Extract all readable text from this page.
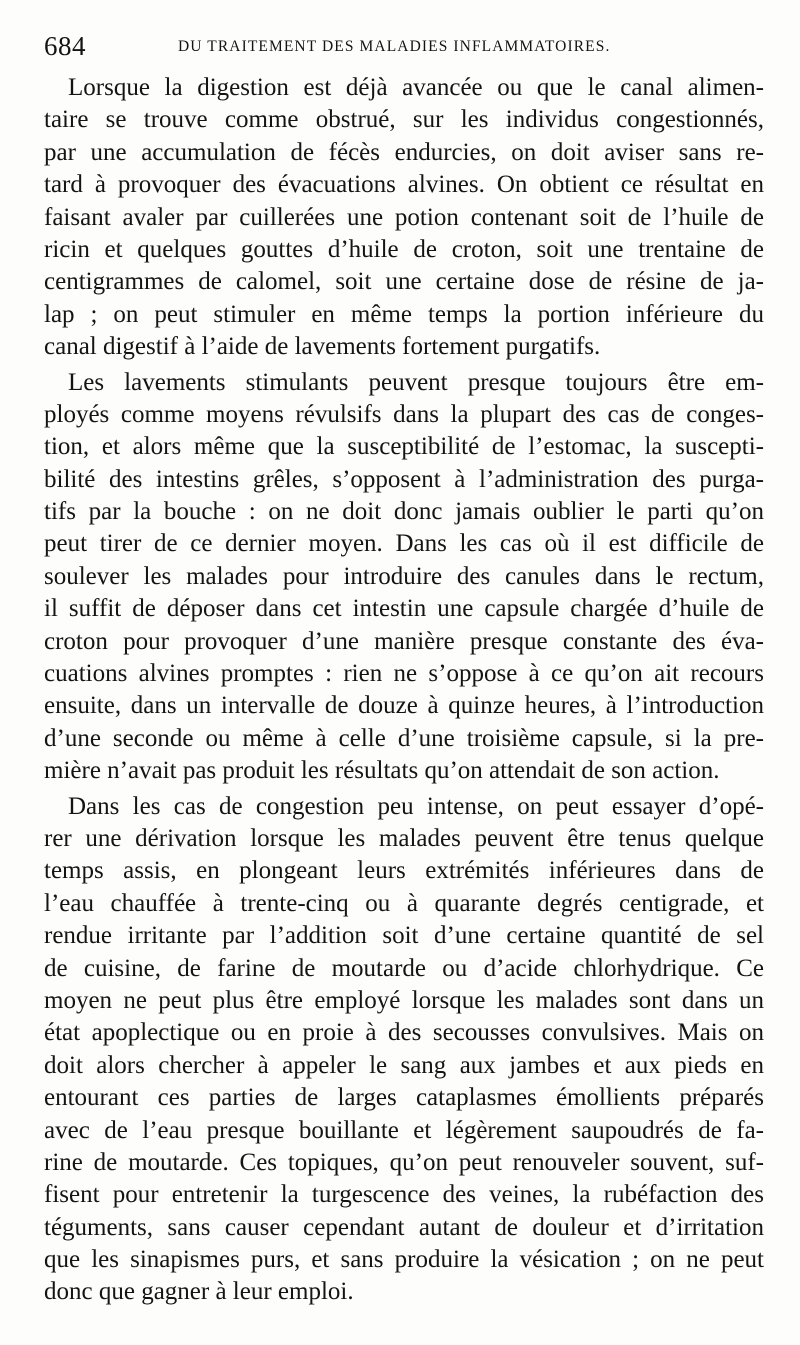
684	DU TRAITEMENT DES MALADIES INFLAMMATOIRES.
Lorsque la digestion est déjà avancée ou que le canal alimen-
taire se trouve comme obstrué, sur les individus congestionnés,
par une accumulation de fécès endurcies, on doit aviser sans re-
tard à provoquer des évacuations alvines. On obtient ce résultat en
faisant avaler par cuillerées une potion contenant soit de l’huile de
ricin et quelques gouttes d’huile de croton, soit une trentaine de
centigrammes de calomel, soit une certaine dose de résine de ja-
lap ; on peut stimuler en même temps la portion inférieure du
canal digestif à l’aide de lavements fortement purgatifs.
Les lavements stimulants peuvent presque toujours être em-
ployés comme moyens révulsifs dans la plupart des cas de conges-
tion, et alors même que la susceptibilité de l’estomac, la suscepti-
bilité des intestins grêles, s’opposent à l’administration des purga-
tifs par la bouche : on ne doit donc jamais oublier le parti qu’on
peut tirer de ce dernier moyen. Dans les cas où il est difficile de
soulever les malades pour introduire des canules dans le rectum,
il suffit de déposer dans cet intestin une capsule chargée d’huile de
croton pour provoquer d’une manière presque constante des éva-
cuations alvines promptes : rien ne s’oppose à ce qu’on ait recours
ensuite, dans un intervalle de douze à quinze heures, à l’introduction
d’une seconde ou même à celle d’une troisième capsule, si la pre-
mière n’avait pas produit les résultats qu’on attendait de son action.
Dans les cas de congestion peu intense, on peut essayer d’opé-
rer une dérivation lorsque les malades peuvent être tenus quelque
temps assis, en plongeant leurs extrémités inférieures dans de
l’eau chauffée à trente-cinq ou à quarante degrés centigrade, et
rendue irritante par l’addition soit d’une certaine quantité de sel
de cuisine, de farine de moutarde ou d’acide chlorhydrique. Ce
moyen ne peut plus être employé lorsque les malades sont dans un
état apoplectique ou en proie à des secousses convulsives. Mais on
doit alors chercher à appeler le sang aux jambes et aux pieds en
entourant ces parties de larges cataplasmes émollients préparés
avec de l’eau presque bouillante et légèrement saupoudrés de fa-
rine de moutarde. Ces topiques, qu’on peut renouveler souvent, suf-
fisent pour entretenir la turgescence des veines, la rubéfaction des
téguments, sans causer cependant autant de douleur et d’irritation
que les sinapismes purs, et sans produire la vésication ; on ne peut
donc que gagner à leur emploi.
